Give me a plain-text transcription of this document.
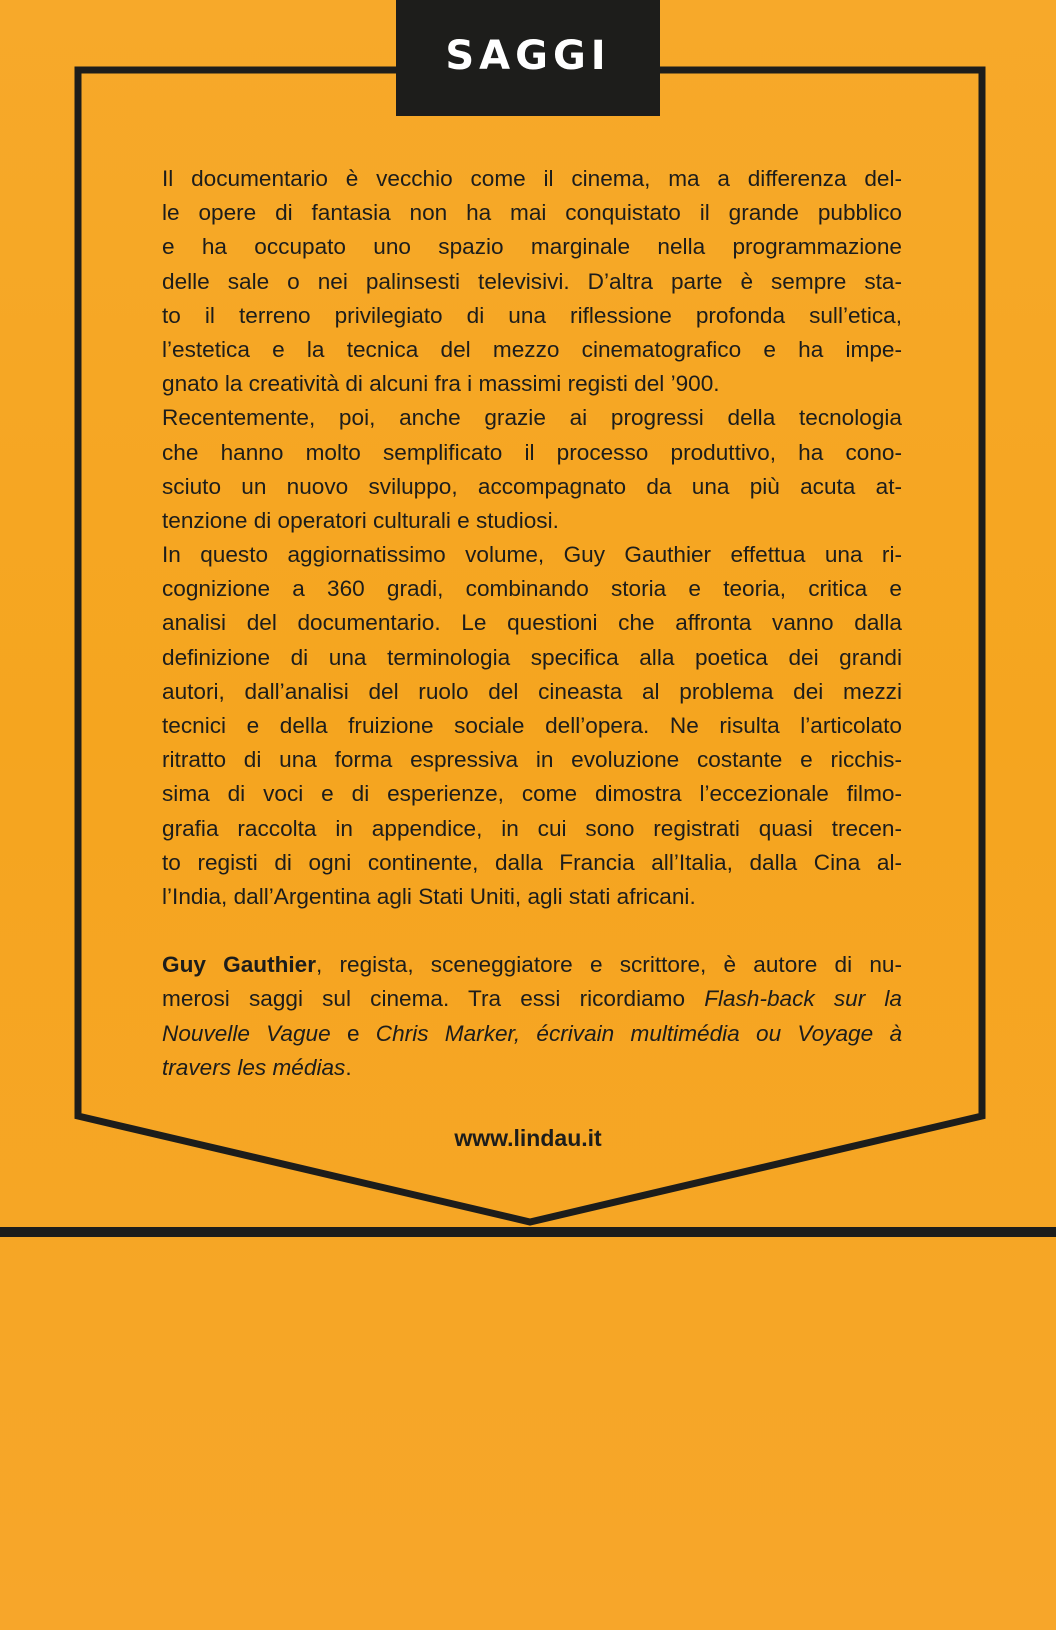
SAGGI
Il documentario è vecchio come il cinema, ma a differenza del-
le opere di fantasia non ha mai conquistato il grande pubblico
e ha occupato uno spazio marginale nella programmazione
delle sale o nei palinsesti televisivi. D’altra parte è sempre sta-
to il terreno privilegiato di una riflessione profonda sull’etica,
l’estetica e la tecnica del mezzo cinematografico e ha impe-
gnato la creatività di alcuni fra i massimi registi del ’900.
Recentemente, poi, anche grazie ai progressi della tecnologia
che hanno molto semplificato il processo produttivo, ha cono-
sciuto un nuovo sviluppo, accompagnato da una più acuta at-
tenzione di operatori culturali e studiosi.
In questo aggiornatissimo volume, Guy Gauthier effettua una ri-
cognizione a 360 gradi, combinando storia e teoria, critica e
analisi del documentario. Le questioni che affronta vanno dalla
definizione di una terminologia specifica alla poetica dei grandi
autori, dall’analisi del ruolo del cineasta al problema dei mezzi
tecnici e della fruizione sociale dell’opera. Ne risulta l’articolato
ritratto di una forma espressiva in evoluzione costante e ricchis-
sima di voci e di esperienze, come dimostra l’eccezionale filmo-
grafia raccolta in appendice, in cui sono registrati quasi trecen-
to registi di ogni continente, dalla Francia all’Italia, dalla Cina al-
l’India, dall’Argentina agli Stati Uniti, agli stati africani.
Guy Gauthier, regista, sceneggiatore e scrittore, è autore di nu-
merosi saggi sul cinema. Tra essi ricordiamo Flash-back sur la
Nouvelle Vague e Chris Marker, écrivain multimédia ou Voyage à
travers les médias.
www.lindau.it
